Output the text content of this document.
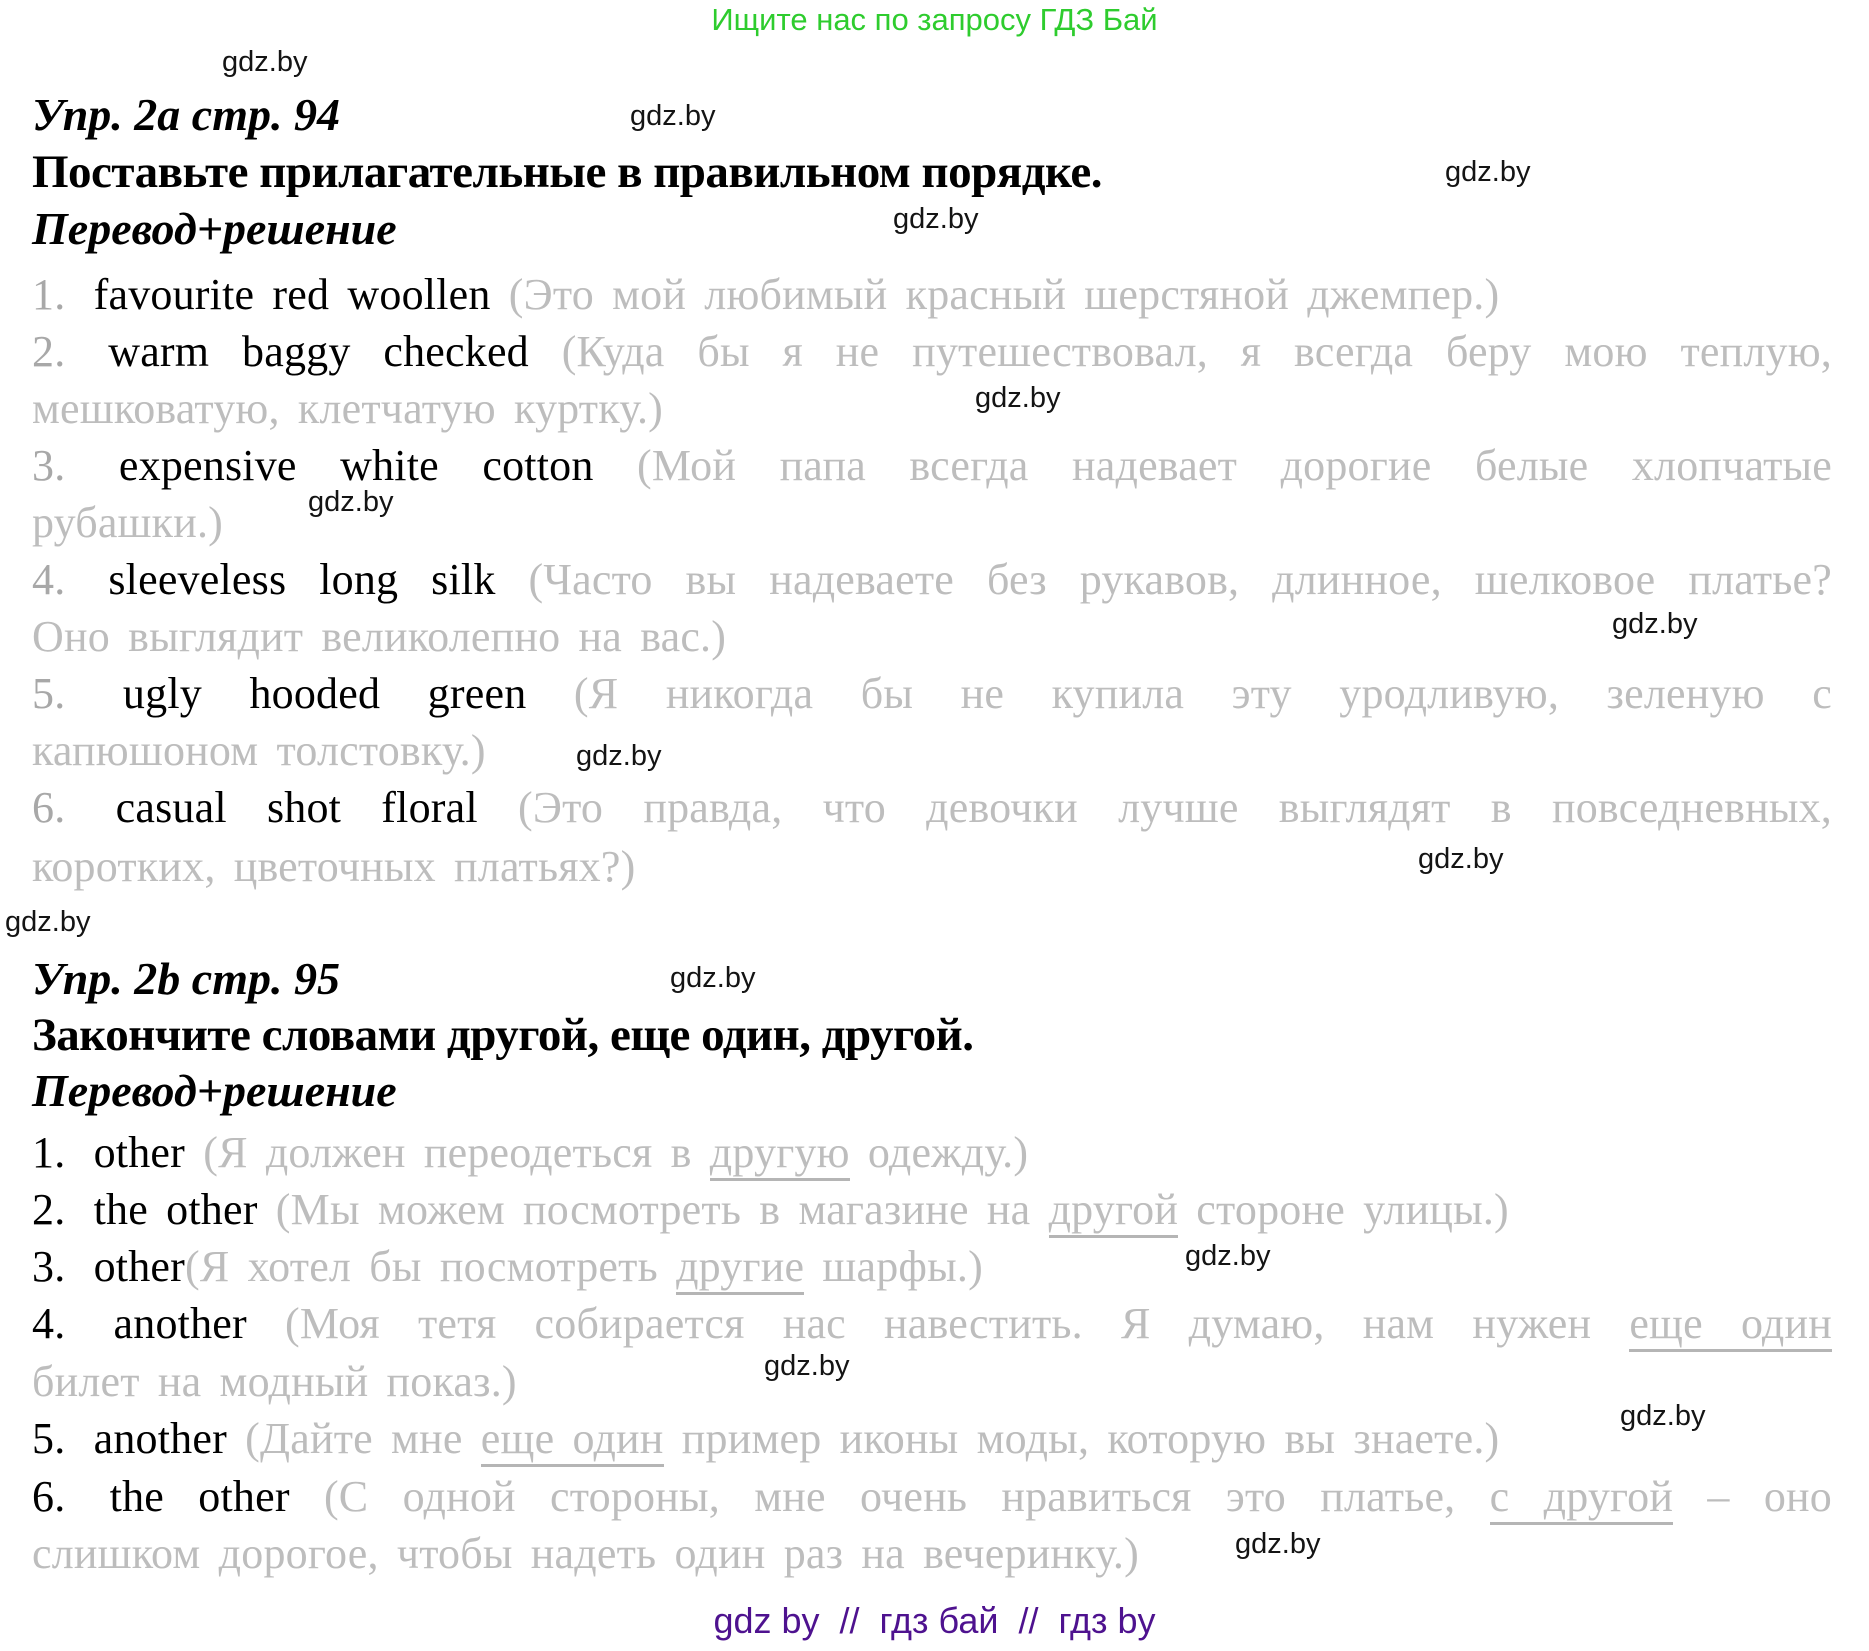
Ищите нас по запросу ГДЗ Бай
gdz.by
gdz.by
gdz.by
gdz.by
gdz.by
gdz.by
gdz.by
gdz.by
gdz.by
gdz.by
gdz.by
gdz.by
gdz.by
gdz.by
gdz.by
Упр. 2а стр. 94
Поставьте прилагательные в правильном порядке.
Перевод+решение
1. favourite red woollen (Это мой любимый красный шерстяной джемпер.)
2. warm baggy checked (Куда бы я не путешествовал, я всегда беру мою теплую,
мешковатую, клетчатую куртку.)
3. expensive white cotton (Мой папа всегда надевает дорогие белые хлопчатые
рубашки.)
4. sleeveless long silk (Часто вы надеваете без рукавов, длинное, шелковое платье?
Оно выглядит великолепно на вас.)
5. ugly hooded green (Я никогда бы не купила эту уродливую, зеленую с
капюшоном толстовку.)
6. casual shot floral (Это правда, что девочки лучше выглядят в повседневных,
коротких, цветочных платьях?)
Упр. 2b стр. 95
Закончите словами другой, еще один, другой.
Перевод+решение
1. other (Я должен переодеться в другую одежду.)
2. the other (Мы можем посмотреть в магазине на другой стороне улицы.)
3. other(Я хотел бы посмотреть другие шарфы.)
4. another (Моя тетя собирается нас навестить. Я думаю, нам нужен еще один
билет на модный показ.)
5. another (Дайте мне еще один пример иконы моды, которую вы знаете.)
6. the other (С одной стороны, мне очень нравиться это платье, с другой – оно
слишком дорогое, чтобы надеть один раз на вечеринку.)
gdz by  //  гдз бай  //  гдз by
